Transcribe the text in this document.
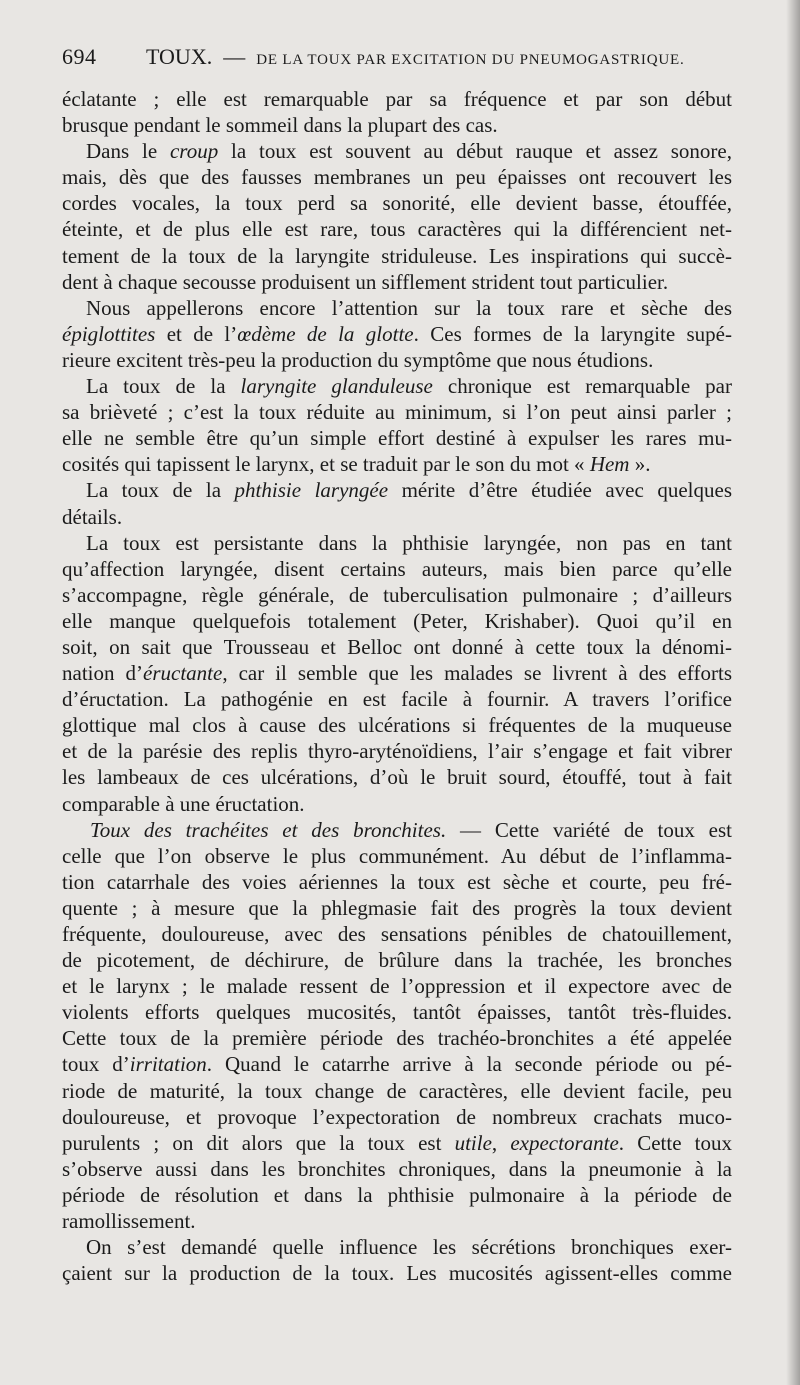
694 TOUX. — DE LA TOUX PAR EXCITATION DU PNEUMOGASTRIQUE.
éclatante ; elle est remarquable par sa fréquence et par son début
brusque pendant le sommeil dans la plupart des cas.
Dans le croup la toux est souvent au début rauque et assez sonore,
mais, dès que des fausses membranes un peu épaisses ont recouvert les
cordes vocales, la toux perd sa sonorité, elle devient basse, étouffée,
éteinte, et de plus elle est rare, tous caractères qui la différencient net-
tement de la toux de la laryngite striduleuse. Les inspirations qui succè-
dent à chaque secousse produisent un sifflement strident tout particulier.
Nous appellerons encore l’attention sur la toux rare et sèche des
épiglottites et de l’œdème de la glotte. Ces formes de la laryngite supé-
rieure excitent très-peu la production du symptôme que nous étudions.
La toux de la laryngite glanduleuse chronique est remarquable par
sa brièveté ; c’est la toux réduite au minimum, si l’on peut ainsi parler ;
elle ne semble être qu’un simple effort destiné à expulser les rares mu-
cosités qui tapissent le larynx, et se traduit par le son du mot « Hem ».
La toux de la phthisie laryngée mérite d’être étudiée avec quelques
détails.
La toux est persistante dans la phthisie laryngée, non pas en tant
qu’affection laryngée, disent certains auteurs, mais bien parce qu’elle
s’accompagne, règle générale, de tuberculisation pulmonaire ; d’ailleurs
elle manque quelquefois totalement (Peter, Krishaber). Quoi qu’il en
soit, on sait que Trousseau et Belloc ont donné à cette toux la dénomi-
nation d’éructante, car il semble que les malades se livrent à des efforts
d’éructation. La pathogénie en est facile à fournir. A travers l’orifice
glottique mal clos à cause des ulcérations si fréquentes de la muqueuse
et de la parésie des replis thyro-aryténoïdiens, l’air s’engage et fait vibrer
les lambeaux de ces ulcérations, d’où le bruit sourd, étouffé, tout à fait
comparable à une éructation.
Toux des trachéites et des bronchites. — Cette variété de toux est
celle que l’on observe le plus communément. Au début de l’inflamma-
tion catarrhale des voies aériennes la toux est sèche et courte, peu fré-
quente ; à mesure que la phlegmasie fait des progrès la toux devient
fréquente, douloureuse, avec des sensations pénibles de chatouillement,
de picotement, de déchirure, de brûlure dans la trachée, les bronches
et le larynx ; le malade ressent de l’oppression et il expectore avec de
violents efforts quelques mucosités, tantôt épaisses, tantôt très-fluides.
Cette toux de la première période des trachéo-bronchites a été appelée
toux d’irritation. Quand le catarrhe arrive à la seconde période ou pé-
riode de maturité, la toux change de caractères, elle devient facile, peu
douloureuse, et provoque l’expectoration de nombreux crachats muco-
purulents ; on dit alors que la toux est utile, expectorante. Cette toux
s’observe aussi dans les bronchites chroniques, dans la pneumonie à la
période de résolution et dans la phthisie pulmonaire à la période de
ramollissement.
On s’est demandé quelle influence les sécrétions bronchiques exer-
çaient sur la production de la toux. Les mucosités agissent-elles comme
